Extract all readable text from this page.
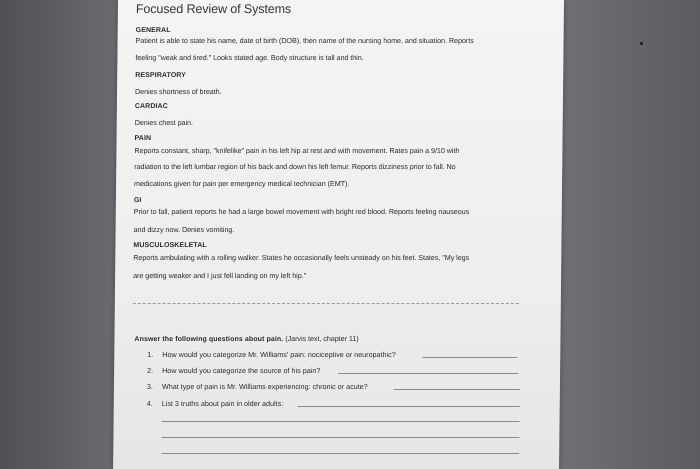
Focused Review of Systems
GENERAL
Patient is able to state his name, date of birth (DOB), then name of the nursing home, and situation. Reports
feeling "weak and tired." Looks stated age. Body structure is tall and thin.
RESPIRATORY
Denies shortness of breath.
CARDIAC
Denies chest pain.
PAIN
Reports constant, sharp, "knifelike" pain in his left hip at rest and with movement. Rates pain a 9/10 with
radiation to the left lumbar region of his back and down his left femur. Reports dizziness prior to fall. No
medications given for pain per emergency medical technician (EMT).
GI
Prior to fall, patient reports he had a large bowel movement with bright red blood. Reports feeling nauseous
and dizzy now. Denies vomiting.
MUSCULOSKELETAL
Reports ambulating with a rolling walker. States he occasionally feels unsteady on his feet. States, "My legs
are getting weaker and I just fell landing on my left hip."
Answer the following questions about pain. (Jarvis text, chapter 11)
1. How would you categorize Mr. Williams' pain: nociceptive or neuropathic?
2. How would you categorize the source of his pain?
3. What type of pain is Mr. Williams experiencing: chronic or acute?
4. List 3 truths about pain in older adults:
